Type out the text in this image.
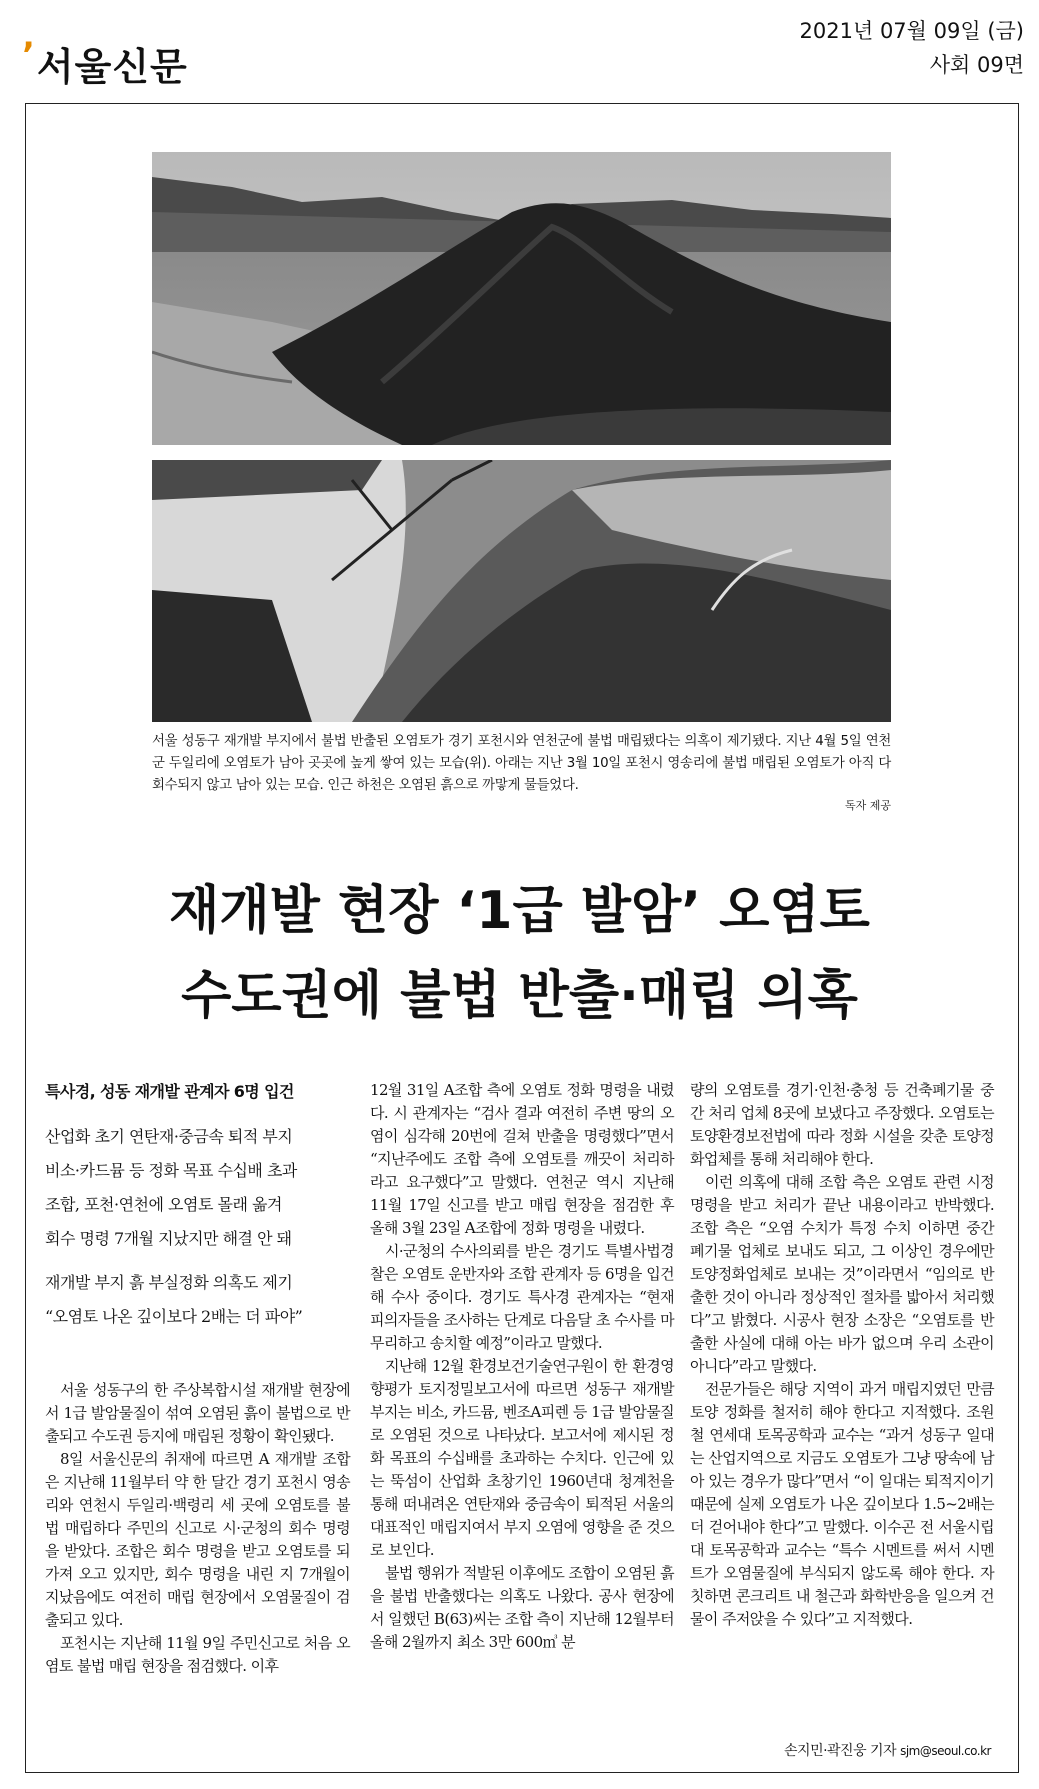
’ 서울신문
2021년 07월 09일 (금)
사회 09면
서울 성동구 재개발 부지에서 불법 반출된 오염토가 경기 포천시와 연천군에 불법 매립됐다는 의혹이 제기됐다. 지난 4월 5일 연천군 두일리에 오염토가 남아 곳곳에 높게 쌓여 있는 모습(위). 아래는 지난 3월 10일 포천시 영송리에 불법 매립된 오염토가 아직 다 회수되지 않고 남아 있는 모습. 인근 하천은 오염된 흙으로 까맣게 물들었다.
독자 제공
재개발 현장 ‘1급 발암’ 오염토
수도권에 불법 반출·매립 의혹
특사경, 성동 재개발 관계자 6명 입건
산업화 초기 연탄재·중금속 퇴적 부지
비소·카드뮴 등 정화 목표 수십배 초과
조합, 포천·연천에 오염토 몰래 옮겨
회수 명령 7개월 지났지만 해결 안 돼
재개발 부지 흙 부실정화 의혹도 제기
“오염토 나온 깊이보다 2배는 더 파야”

서울 성동구의 한 주상복합시설 재개발 현장에서 1급 발암물질이 섞여 오염된 흙이 불법으로 반출되고 수도권 등지에 매립된 정황이 확인됐다.

8일 서울신문의 취재에 따르면 A 재개발 조합은 지난해 11월부터 약 한 달간 경기 포천시 영송리와 연천시 두일리·백령리 세 곳에 오염토를 불법 매립하다 주민의 신고로 시·군청의 회수 명령을 받았다. 조합은 회수 명령을 받고 오염토를 되가져 오고 있지만, 회수 명령을 내린 지 7개월이 지났음에도 여전히 매립 현장에서 오염물질이 검출되고 있다.

포천시는 지난해 11월 9일 주민신고로 처음 오염토 불법 매립 현장을 점검했다. 이후

12월 31일 A조합 측에 오염토 정화 명령을 내렸다. 시 관계자는 “검사 결과 여전히 주변 땅의 오염이 심각해 20번에 걸쳐 반출을 명령했다”면서 “지난주에도 조합 측에 오염토를 깨끗이 처리하라고 요구했다”고 말했다. 연천군 역시 지난해 11월 17일 신고를 받고 매립 현장을 점검한 후 올해 3월 23일 A조합에 정화 명령을 내렸다.

시·군청의 수사의뢰를 받은 경기도 특별사법경찰은 오염토 운반자와 조합 관계자 등 6명을 입건해 수사 중이다. 경기도 특사경 관계자는 “현재 피의자들을 조사하는 단계로 다음달 초 수사를 마무리하고 송치할 예정”이라고 말했다.

지난해 12월 환경보건기술연구원이 한 환경영향평가 토지정밀보고서에 따르면 성동구 재개발 부지는 비소, 카드뮴, 벤조A피렌 등 1급 발암물질로 오염된 것으로 나타났다. 보고서에 제시된 정화 목표의 수십배를 초과하는 수치다. 인근에 있는 뚝섬이 산업화 초창기인 1960년대 청계천을 통해 떠내려온 연탄재와 중금속이 퇴적된 서울의 대표적인 매립지여서 부지 오염에 영향을 준 것으로 보인다.

불법 행위가 적발된 이후에도 조합이 오염된 흙을 불법 반출했다는 의혹도 나왔다. 공사 현장에서 일했던 B(63)씨는 조합 측이 지난해 12월부터 올해 2월까지 최소 3만 600㎥ 분

량의 오염토를 경기·인천·충청 등 건축폐기물 중간 처리 업체 8곳에 보냈다고 주장했다. 오염토는 토양환경보전법에 따라 정화 시설을 갖춘 토양정화업체를 통해 처리해야 한다.

이런 의혹에 대해 조합 측은 오염토 관련 시정 명령을 받고 처리가 끝난 내용이라고 반박했다. 조합 측은 “오염 수치가 특정 수치 이하면 중간 폐기물 업체로 보내도 되고, 그 이상인 경우에만 토양정화업체로 보내는 것”이라면서 “임의로 반출한 것이 아니라 정상적인 절차를 밟아서 처리했다”고 밝혔다. 시공사 현장 소장은 “오염토를 반출한 사실에 대해 아는 바가 없으며 우리 소관이 아니다”라고 말했다.

전문가들은 해당 지역이 과거 매립지였던 만큼 토양 정화를 철저히 해야 한다고 지적했다. 조원철 연세대 토목공학과 교수는 “과거 성동구 일대는 산업지역으로 지금도 오염토가 그냥 땅속에 남아 있는 경우가 많다”면서 “이 일대는 퇴적지이기 때문에 실제 오염토가 나온 깊이보다 1.5~2배는 더 걷어내야 한다”고 말했다. 이수곤 전 서울시립대 토목공학과 교수는 “특수 시멘트를 써서 시멘트가 오염물질에 부식되지 않도록 해야 한다. 자칫하면 콘크리트 내 철근과 화학반응을 일으켜 건물이 주저앉을 수 있다”고 지적했다.

손지민·곽진웅 기자 sjm@seoul.co.kr
